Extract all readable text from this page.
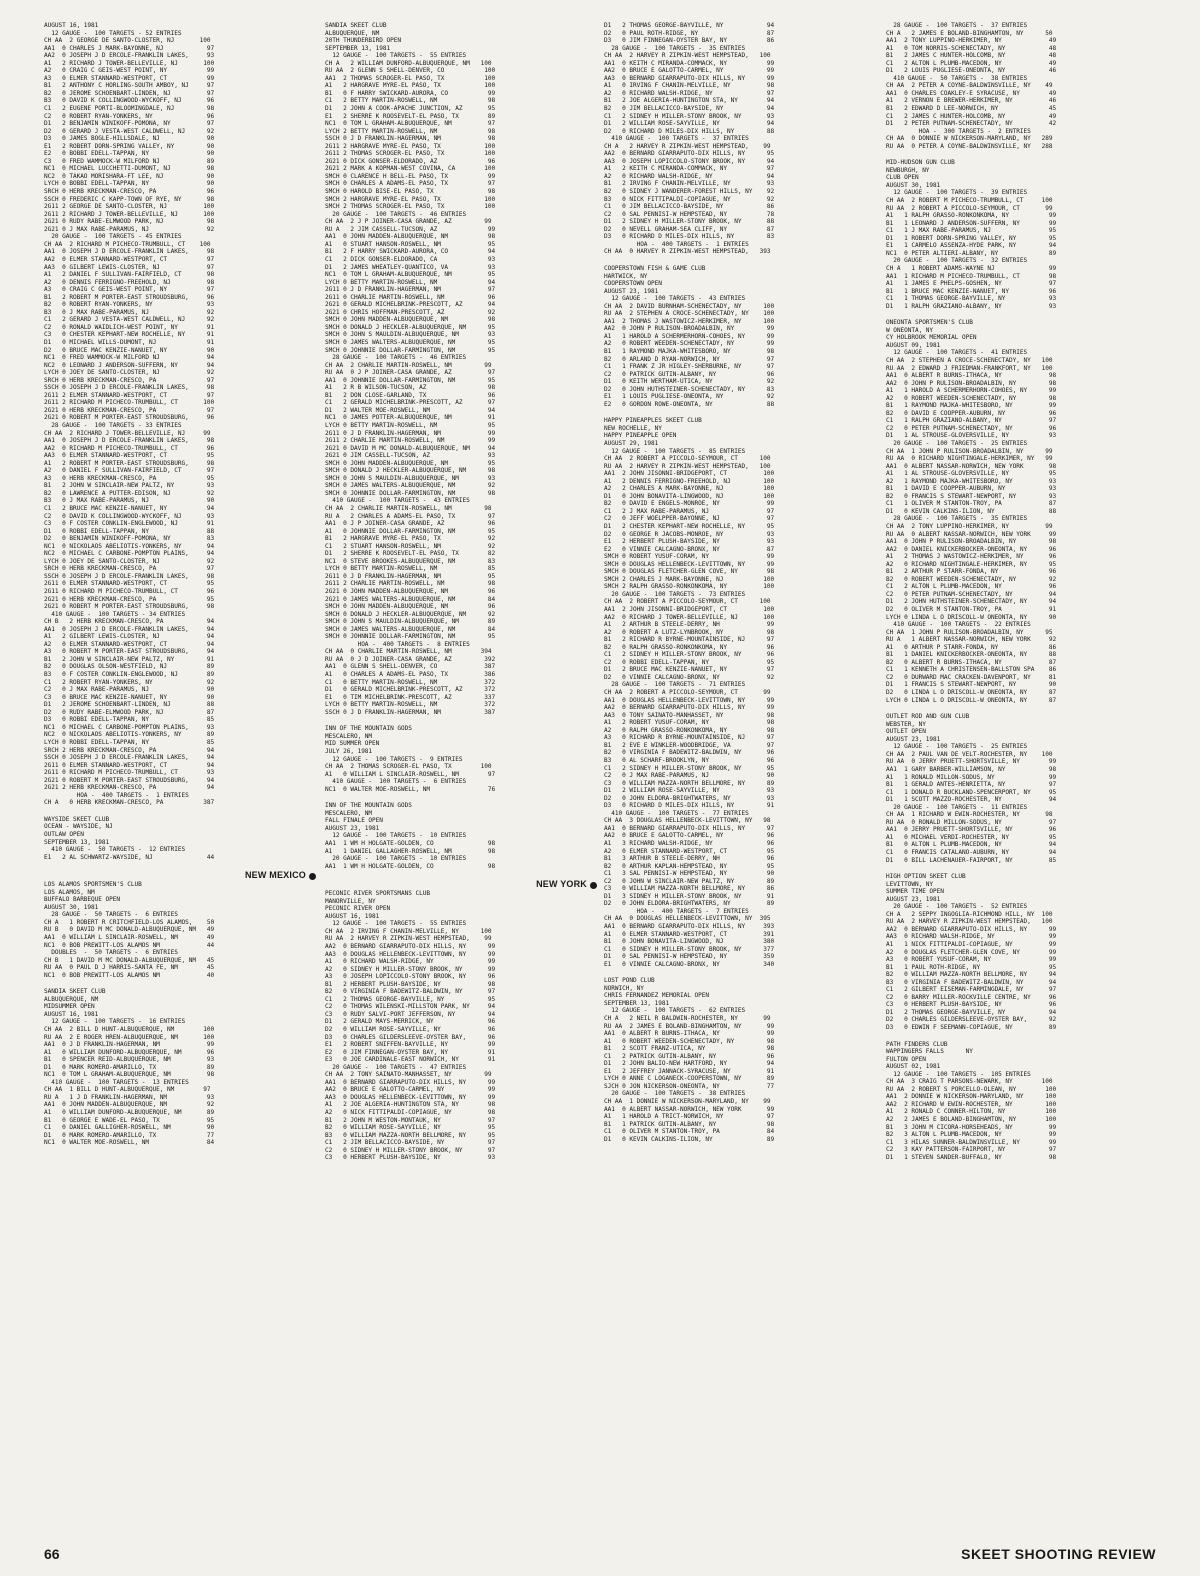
AUGUST 16, 1981
12 GAUGE -  100 TARGETS - 52 ENTRIES
CH AA  2 GEORGE DE SANTO-CLOSTER, NJ       100
AA1  0 CHARLES J MARK-BAYONNE, NJ            97
AA2  0 JOSEPH J D ERCOLE-FRANKLIN LAKES,     93
A1   2 RICHARD J TOWER-BELLEVILLE, NJ       100
A2   0 CRAIG C GEIS-WEST POINT, NY           99
A3   0 ELMER STANNARD-WESTPORT, CT           99
B1   2 ANTHONY C HORLING-SOUTH AMBOY, NJ     97
B2   0 JEROME SCHOENBART-LINDEN, NJ          97
B3   0 DAVID K COLLINGWOOD-WYCKOFF, NJ       96
C1   2 EUGENE PORTI-BLOOMINGDALE, NJ         98
C2   0 ROBERT RYAN-YONKERS, NY               96
D1   2 BENJAMIN WINIKOFF-POMONA, NY          97
D2   0 GERARD J VESTA-WEST CALDWELL, NJ      92
D3   0 JAMES BOGLE-HILLSDALE, NJ             90
E1   2 ROBERT DORN-SPRING VALLEY, NY         90
E2   0 BOBBI EDELL-TAPPAN, NY                90
C3   0 FRED WAMMOCK-W MILFORD NJ             89
NC1  0 MICHAEL LUCCHETTI-DUMONT, NJ          98
NC2  0 TAKAO MORISHARA-FT LEE, NJ            90
LYCH 0 BOBBI EDELL-TAPPAN, NY                90
SRCH 0 HERB KRECKMAN-CRESCO, PA              96
SSCH 0 FREDERIC C KAPP-TOWN OF RYE, NY       98
2G11 2 GEORGE DE SANTO-CLOSTER, NJ          100
2G11 2 RICHARD J TOWER-BELLEVILLE, NJ       100
2G21 0 RUDY RABE-ELMWOOD PARK, NJ            98
2G21 0 J MAX RABE-PARAMUS, NJ                92
20 GAUGE -  100 TARGETS - 45 ENTRIES
CH AA  2 RICHARD M PICHECO-TRUMBULL, CT    100
AA1  0 JOSEPH J D ERCOLE-FRANKLIN LAKES,     98
AA2  0 ELMER STANNARD-WESTPORT, CT           97
AA3  0 GILBERT LEWIS-CLOSTER, NJ             97
A1   2 DANIEL F SULLIVAN-FAIRFIELD, CT       98
A2   0 DENNIS FERRIGNO-FREEHOLD, NJ          98
A3   0 CRAIG C GEIS-WEST POINT, NY           97
B1   2 ROBERT M PORTER-EAST STROUDSBURG,     96
B2   0 ROBERT RYAN-YONKERS, NY               93
B3   0 J MAX RABE-PARAMUS, NJ                92
C1   2 GERARD J VESTA-WEST CALDWELL, NJ      92
C2   0 RONALD WAIDLICH-WEST POINT, NY        91
C3   0 CHESTER KEPHART-NEW ROCHELLE, NY      91
D1   0 MICHAEL WILLS-DUMONT, NJ              91
D2   0 BRUCE MAC KENZIE-NANUET, NY           90
NC1  0 FRED WAMMOCK-W MILFORD NJ             94
NC2  0 LEONARD J ANDERSON-SUFFERN, NY        94
LYCH 0 JOEY DE SANTO-CLOSTER, NJ             92
SRCH 0 HERB KRECKMAN-CRESCO, PA              97
SSCH 0 JOSEPH J D ERCOLE-FRANKLIN LAKES,     98
2G11 2 ELMER STANNARD-WESTPORT, CT           97
2G11 2 RICHARD M PICHECO-TRUMBULL, CT       100
2G21 0 HERB KRECKMAN-CRESCO, PA              97
2G21 0 ROBERT M PORTER-EAST STROUDSBURG,     96
28 GAUGE -  100 TARGETS - 33 ENTRIES
CH AA  2 RICHARD J TOWER-BELLEVILLE, NJ     99
AA1  0 JOSEPH J D ERCOLE-FRANKLIN LAKES,     98
AA2  0 RICHARD M PICHECO-TRUMBULL, CT        96
AA3  0 ELMER STANNARD-WESTPORT, CT           95
A1   2 ROBERT M PORTER-EAST STROUDSBURG,     98
A2   0 DANIEL F SULLIVAN-FAIRFIELD, CT       97
A3   0 HERB KRECKMAN-CRESCO, PA              95
B1   2 JOHN W SINCLAIR-NEW PALTZ, NY         93
B2   0 LAWRENCE A PUTTER-EDISON, NJ          92
B3   0 J MAX RABE-PARAMUS, NJ                90
C1   2 BRUCE MAC KENZIE-NANUET, NY           94
C2   0 DAVID K COLLINGWOOD-WYCKOFF, NJ       93
C3   0 F COSTER CONKLIN-ENGLEWOOD, NJ        91
D1   0 ROBBI EDELL-TAPPAN, NY                88
D2   0 BENJAMIN WINIKOFF-POMONA, NY          83
NC1  0 NICKOLAOS ABELIOTIS-YONKERS, NY       94
NC2  0 MICHAEL C CARBONE-POMPTON PLAINS,     94
LYCH 0 JOEY DE SANTO-CLOSTER, NJ             92
SRCH 0 HERB KRECKMAN-CRESCO, PA              97
SSCH 0 JOSEPH J D ERCOLE-FRANKLIN LAKES,     98
2G11 0 ELMER STANNARD-WESTPORT, CT           95
2G11 0 RICHARD M PICHECO-TRUMBULL, CT        96
2G21 0 HERB KRECKMAN-CRESCO, PA              95
2G21 0 ROBERT M PORTER-EAST STROUDSBURG,     98
410 GAUGE -  100 TARGETS - 34 ENTRIES
CH B   2 HERB KRECKMAN-CRESCO, PA            94
AA1  0 JOSEPH J D ERCOLE-FRANKLIN LAKES,     94
A1   2 GILBERT LEWIS-CLOSTER, NJ             94
A2   0 ELMER STANNARD-WESTPORT, CT           94
A3   0 ROBERT M PORTER-EAST STROUDSBURG,     94
B1   2 JOHN W SINCLAIR-NEW PALTZ, NY         91
B2   0 DOUGLAS OLSON-WESTFIELD, NJ           89
B3   0 F COSTER CONKLIN-ENGLEWOOD, NJ        89
C1   2 ROBERT RYAN-YONKERS, NY               92
C2   0 J MAX RABE-PARAMUS, NJ                90
C3   0 BRUCE MAC KENZIE-NANUET, NY           90
D1   2 JEROME SCHOENBART-LINDEN, NJ          88
D2   0 RUDY RABE-ELMWOOD PARK, NJ            87
D3   0 ROBBI EDELL-TAPPAN, NY                85
NC1  0 MICHAEL C CARBONE-POMPTON PLAINS,     93
NC2  0 NICKOLAOS ABELIOTIS-YONKERS, NY       89
LYCH 0 ROBBI EDELL-TAPPAN, NY                85
SRCH 2 HERB KRECKMAN-CRESCO, PA              94
SSCH 0 JOSEPH J D ERCOLE-FRANKLIN LAKES,     94
2G11 0 ELMER STANNARD-WESTPORT, CT           94
2G11 0 RICHARD M PICHECO-TRUMBULL, CT        93
2G21 0 ROBERT M PORTER-EAST STROUDSBURG,     94
2G21 2 HERB KRECKMAN-CRESCO, PA              94
HOA -  400 TARGETS -  1 ENTRIES
CH A   0 HERB KRECKMAN-CRESCO, PA           387
WAYSIDE SKEET CLUB
OCEAN - WAYSIDE, NJ
OUTLAW OPEN
SEPTEMBER 13, 1981
410 GAUGE -  50 TARGETS -  12 ENTRIES
E1   2 AL SCHWARTZ-WAYSIDE, NJ               44
NEW MEXICO
LOS ALAMOS SPORTSMEN'S CLUB
LOS ALAMOS, NM
BUFFALO BARBEQUE OPEN
AUGUST 30, 1981
28 GAUGE -  50 TARGETS -  6 ENTRIES
CH A   1 ROBERT R CRITCHFIELD-LOS ALAMOS,    50
RU B   0 DAVID M MC DONALD-ALBUQUERQUE, NM   49
AA1  0 WILLIAM L SINCLAIR-ROSWELL, NM        49
NC1  0 BOB PREWITT-LOS ALAMOS NM             44
DOUBLES  -  50 TARGETS -  6 ENTRIES
CH B   1 DAVID M MC DONALD-ALBUQUERQUE, NM   45
RU AA  0 PAUL D J HARRIS-SANTA FE, NM        45
NC1  0 BOB PREWITT-LOS ALAMOS NM             40
SANDIA SKEET CLUB
ALBUQUERQUE, NM
MIDSUMMER OPEN
AUGUST 16, 1981
12 GAUGE -  100 TARGETS -  16 ENTRIES
CH AA  2 BILL D HUNT-ALBUQUERQUE, NM        100
RU AA  2 E ROGER HREN-ALBUQUERQUE, NM       100
AA1  0 J D FRANKLIN-HAGERMAN, NM             99
A1   0 WILLIAM DUNFORD-ALBUQUERQUE, NM       96
B1   0 SPENCER REID-ALBUQUERQUE, NM          93
D1   0 MARK ROMERO-AMARILLO, TX              89
NC1  0 TOM L GRAHAM-ALBUQUERQUE, NM          98
410 GAUGE -  100 TARGETS -  13 ENTRIES
CH AA  1 BILL D HUNT-ALBUQUERQUE, NM        97
RU A   1 J D FRANKLIN-HAGERMAN, NM           93
AA1  0 JOHN MADDEN-ALBUQUERQUE, NM           92
A1   0 WILLIAM DUNFORD-ALBUQUERQUE, NM       89
B1   0 GEORGE E WADE-EL PASO, TX             95
C1   0 DANIEL GALLIGHER-ROSWELL, NM          90
D1   0 MARK ROMERO-AMARILLO, TX              77
NC1  0 WALTER MOE-ROSWELL, NM                84
SANDIA SKEET CLUB
ALBUQUERQUE, NM
20TH THUNDERBIRD OPEN
SEPTEMBER 13, 1981
12 GAUGE -  100 TARGETS -  55 ENTRIES
CH A   2 WILLIAM DUNFORD-ALBUQUERQUE, NM   100
RU AA  2 GLENN S SHELL-DENVER, CO           100
AA1  2 THOMAS SCROGER-EL PASO, TX           100
A1   2 HARGRAVE MYRE-EL PASO, TX            100
B1   0 F HARRY SWICKARD-AURORA, CO           99
C1   2 BETTY MARTIN-ROSWELL, NM              98
D1   2 JOHN A COOK-APACHE JUNCTION, AZ       95
E1   2 SHERRE K ROOSEVELT-EL PASO, TX        89
NC1  0 TOM L GRAHAM-ALBUQUERQUE, NM          97
LYCH 2 BETTY MARTIN-ROSWELL, NM              98
SSCH 0 J D FRANKLIN-HAGERMAN, NM             98
2G11 2 HARGRAVE MYRE-EL PASO, TX            100
2G11 2 THOMAS SCROGER-EL PASO, TX           100
2G21 0 DICK GONSER-ELDORADO, AZ              96
2G21 2 MARK A KOPMAN-WEST COVINA, CA        100
SMCH 0 CLARENCE H BELL-EL PASO, TX           99
SMCH 0 CHARLES A ADAMS-EL PASO, TX           97
SMCH 0 HAROLD BISE-EL PASO, TX               98
SMCH 2 HARGRAVE MYRE-EL PASO, TX            100
SMCH 2 THOMAS SCROGER-EL PASO, TX           100
20 GAUGE -  100 TARGETS -  46 ENTRIES
CH AA  2 J P JOINER-CASA GRANDE, AZ         99
RU A   2 JIM CASSELL-TUCSON, AZ              99
AA1  0 JOHN MADDEN-ALBUQUERQUE, NM           98
A1   0 STUART HANSON-ROSWELL, NM             95
B1   2 F HARRY SWICKARD-AURORA, CO           94
C1   2 DICK GONSER-ELDORADO, CA              93
D1   2 JAMES WHEATLEY-QUANTICO, VA           93
NC1  0 TOM L GRAHAM-ALBUQUERQUE, NM          95
LYCH 0 BETTY MARTIN-ROSWELL, NM              94
2G11 0 J D FRANKLIN-HAGERMAN, NM             97
2G11 0 CHARLIE MARTIN-ROSWELL, NM            96
2G21 0 GERALD MICHELBRINK-PRESCOTT, AZ       94
2G21 0 CHRIS HOFFMAN-PRESCOTT, AZ            92
SMCH 0 JOHN MADDEN-ALBUQUERQUE, NM           98
SMCH 0 DONALD J HECKLER-ALBUQUERQUE, NM      95
SMCH 0 JOHN S MAULDIN-ALBUQUERQUE, NM        93
SMCH 0 JAMES WALTERS-ALBUQUERQUE, NM         95
SMCH 0 JOHNNIE DOLLAR-FARMINGTON, NM         95
28 GAUGE -  100 TARGETS -  46 ENTRIES
CH AA  2 CHARLIE MARTIN-ROSWELL, NM         99
RU AA  0 J P JOINER-CASA GRANDE, AZ          97
AA1  0 JOHNNIE DOLLAR-FARMINGTON, NM         95
A1   2 R B WILSON-TUCSON, AZ                 98
B1   2 DON CLOSE-GARLAND, TX                 96
C1   2 GERALD MICHELBRINK-PRESCOTT, AZ       97
D1   2 WALTER MOE-ROSWELL, NM                94
NC1  0 JAMES POTTER-ALBUQUERQUE, NM          91
LYCH 0 BETTY MARTIN-ROSWELL, NM              95
2G11 0 J D FRANKLIN-HAGERMAN, NM             99
2G11 2 CHARLIE MARTIN-ROSWELL, NM            99
2G21 0 DAVID M MC DONALD-ALBUQUERQUE, NM     94
2G21 0 JIM CASSELL-TUCSON, AZ                93
SMCH 0 JOHN MADDEN-ALBUQUERQUE, NM           95
SMCH 0 DONALD J HECKLER-ALBUQUERQUE, NM      98
SMCH 0 JOHN S MAULDIN-ALBUQUERQUE, NM        93
SMCH 0 JAMES WALTERS-ALBUQUERQUE, NM         92
SMCH 0 JOHNNIE DOLLAR-FARMINGTON, NM         98
410 GAUGE -  100 TARGETS -  43 ENTRIES
CH AA  2 CHARLIE MARTIN-ROSWELL, NM         98
RU A   2 CHARLES A ADAMS-EL PASO, TX         97
AA1  0 J P JOINER-CASA GRANDE, AZ            96
A1   0 JOHNNIE DOLLAR-FARMINGTON, NM         95
B1   2 HARGRAVE MYRE-EL PASO, TX             92
C1   2 STUART HANSON-ROSWELL, NM             92
D1   2 SHERRE K ROOSEVELT-EL PASO, TX        82
NC1  0 STEVE BROOKES-ALBUQUERQUE, NM         83
LYCH 0 BETTY MARTIN-ROSWELL, NM              85
2G11 0 J D FRANKLIN-HAGERMAN, NM             95
2G11 2 CHARLIE MARTIN-ROSWELL, NM            98
2G21 0 JOHN MADDEN-ALBUQUERQUE, NM           96
2G21 0 JAMES WALTERS-ALBUQUERQUE, NM         84
SMCH 0 JOHN MADDEN-ALBUQUERQUE, NM           96
SMCH 0 DONALD J HECKLER-ALBUQUERQUE, NM      92
SMCH 0 JOHN S MAULDIN-ALBUQUERQUE, NM        89
SMCH 0 JAMES WALTERS-ALBUQUERQUE, NM         84
SMCH 0 JOHNNIE DOLLAR-FARMINGTON, NM         95
HOA -  400 TARGETS -  8 ENTRIES
CH AA  0 CHARLIE MARTIN-ROSWELL, NM        394
RU AA  0 J D JOINER-CASA GRANDE, AZ         392
AA1  0 GLENN S SHELL-DENVER, CO             387
A1   0 CHARLES A ADAMS-EL PASO, TX          386
C1   0 BETTY MARTIN-ROSWELL, NM             372
D1   0 GERALD MICHELBRINK-PRESCOTT, AZ      372
E1   0 TIM MICHELBRINK-PRESCOTT, AZ         337
LYCH 0 BETTY MARTIN-ROSWELL, NM             372
SSCH 0 J D FRANKLIN-HAGERMAN, NM            387
INN OF THE MOUNTAIN GODS
MESCALERO, NM
MID SUMMER OPEN
JULY 26, 1981
12 GAUGE -  100 TARGETS -  9 ENTRIES
CH AA  2 THOMAS SCROGER-EL PASO, TX        100
A1   0 WILLIAM L SINCLAIR-ROSWELL, NM        97
410 GAUGE -  100 TARGETS -  6 ENTRIES
NC1  0 WALTER MOE-ROSWELL, NM                76
INN OF THE MOUNTAIN GODS
MESCALERO, NM
FALL FINALE OPEN
AUGUST 23, 1981
12 GAUGE -  100 TARGETS -  10 ENTRIES
AA1  1 WM H HOLGATE-GOLDEN, CO               98
A1   1 DANIEL GALLAGHER-ROSWELL, NM          98
20 GAUGE -  100 TARGETS -  10 ENTRIES
AA1  1 WM H HOLGATE-GOLDEN, CO               98
NEW YORK
PECONIC RIVER SPORTSMANS CLUB
MANORVILLE, NY
PECONIC RIVER OPEN
AUGUST 16, 1981
12 GAUGE -  100 TARGETS -  55 ENTRIES
CH AA  2 IRVING F CHANIN-MELVILLE, NY      100
RU AA  2 HARVEY R ZIPKIN-WEST HEMPSTEAD,    99
AA2  0 BERNARD GIARRAPUTO-DIX HILLS, NY      99
AA3  0 DOUGLAS HELLENBECK-LEVITTOWN, NY      99
A1   0 RICHARD WALSH-RIDGE, NY               99
A2   0 SIDNEY H MILLER-STONY BROOK, NY       99
A3   0 JOSEPH LOPICCOLO-STONY BROOK, NY      96
B1   2 HERBERT PLUSH-BAYSIDE, NY             98
B2   0 VIRGINIA F BADEWITZ-BALDWIN, NY       97
C1   2 THOMAS GEORGE-BAYVILLE, NY            95
C2   0 THOMAS WILENSKI-MILLSTON PARK, NY     94
C3   0 RUDY SALVI-PORT JEFFERSON, NY         94
D1   2 GERALD MAYS-MERRICK, NY               96
D2   0 WILLIAM ROSE-SAYVILLE, NY             96
D3   0 CHARLES GILDERSLEEVE-OYSTER BAY,      96
E1   2 ROBERT SNIFFEN-BAYVILLE, NY           99
E2   0 JIM FINNEGAN-OYSTER BAY, NY           91
E3   0 JOE CARDINALE-EAST NORWICH, NY        91
20 GAUGE -  100 TARGETS -  47 ENTRIES
CH AA  2 TONY SAINATO-MANHASSET, NY         99
AA1  0 BERNARD GIARRAPUTO-DIX HILLS, NY      99
AA2  0 BRUCE E GALOTTO-CARMEL, NY            99
AA3  0 DOUGLAS HELLENBECK-LEVITTOWN, NY      99
A1   2 JOE ALGERIA-HUNTINGTON STA, NY        98
A2   0 NICK FITTIPALDI-COPIAGUE, NY          98
B1   2 JOHN M WESTON-MONTAUK, NY             97
B2   0 WILLIAM ROSE-SAYVILLE, NY             95
B3   0 WILLIAM MAZZA-NORTH BELLMORE, NY      95
C1   2 JIM BELLACICCO-BAYSIDE, NY            97
C2   0 SIDNEY H MILLER-STONY BROOK, NY       97
C3   0 HERBERT PLUSH-BAYSIDE, NY             93
D1   2 THOMAS GEORGE-BAYVILLE, NY            94
D2   0 PAUL ROTH-RIDGE, NY                   87
D3   0 JIM FINNEGAN-OYSTER BAY, NY           86
28 GAUGE -  100 TARGETS -  35 ENTRIES
CH AA  2 HARVEY R ZIPKIN-WEST HEMPSTEAD,   100
AA1  0 KEITH C MIRANDA-COMMACK, NY           99
AA2  0 BRUCE E GALOTTO-CARMEL, NY            99
AA3  0 BERNARD GIARRAPUTO-DIX HILLS, NY      99
A1   0 IRVING F CHANIN-MELVILLE, NY          98
A2   0 RICHARD WALSH-RIDGE, NY               97
B1   2 JOE ALGERIA-HUNTINGTON STA, NY        94
B2   0 JIM BELLACICCO-BAYSIDE, NY            94
C1   2 SIDNEY H MILLER-STONY BROOK, NY       93
D1   2 WILLIAM ROSE-SAYVILLE, NY             94
D2   0 RICHARD D MILES-DIX HILLS, NY         88
410 GAUGE -  100 TARGETS -  37 ENTRIES
CH A   2 HARVEY R ZIPKIN-WEST HEMPSTEAD,    99
AA2  0 BERNARD GIARRAPUTO-DIX HILLS, NY      95
AA3  0 JOSEPH LOPICCOLO-STONY BROOK, NY      94
A1   2 KEITH C MIRANDA-COMMACK, NY           97
A2   0 RICHARD WALSH-RIDGE, NY               94
B1   2 IRVING F CHANIN-MELVILLE, NY          93
B2   0 SIDNEY J WANDERER-FOREST HILLS, NY    92
B3   0 NICK FITTIPALDI-COPIAGUE, NY          92
C1   0 JIM BELLACICCO-BAYSIDE, NY            86
C2   0 SAL PENNISI-W HEMPSTEAD, NY           78
D1   2 SIDNEY H MILLER-STONY BROOK, NY       88
D2   0 NEVELL GRAHAM-SEA CLIFF, NY           87
D3   0 RICHARD D MILES-DIX HILLS, NY         83
HOA -  400 TARGETS -  1 ENTRIES
CH AA  0 HARVEY R ZIPKIN-WEST HEMPSTEAD,   393
COOPERSTOWN FISH & GAME CLUB
HARTWICK, NY
COOPERSTOWN OPEN
AUGUST 23, 1981
12 GAUGE -  100 TARGETS -  43 ENTRIES
CH AA  2 DAVID BURNHAM-SCHENECTADY, NY      100
RU AA  2 STEPHEN A CROCE-SCHENECTADY, NY    100
AA1  2 THOMAS J WASTOWICZ-HERKIMER, NY      100
AA2  0 JOHN P RULISON-BROADALBIN, NY         99
A1   1 HAROLD A SCHERMERHORN-COHOES, NY      99
A2   0 ROBERT WEEDEN-SCHENECTADY, NY         99
B1   1 RAYMOND MAJKA-WHITESBORO, NY          98
B2   0 ARLAND D RYAN-NORWICH, NY             97
C1   1 FRANK Z JR HIGLEY-SHERBURNE, NY       97
C2   0 PATRICK GUTIN-ALBANY, NY              96
D1   0 KEITH WERTHAM-UTICA, NY               92
D2   0 JOHN HUTHSTEINER-SCHENECTADY, NY      83
E1   1 LOUIS PUGLIESE-ONEONTA, NY            92
E2   0 GORDON ROWE-ONEONTA, NY               88
HAPPY PINEAPPLES SKEET CLUB
NEW ROCHELLE, NY
HAPPY PINEAPPLE OPEN
AUGUST 29, 1981
12 GAUGE -  100 TARGETS -  85 ENTRIES
CH AA  2 ROBERT A PICCOLO-SEYMOUR, CT      100
RU AA  2 HARVEY R ZIPKIN-WEST HEMPSTEAD,   100
AA1  2 JOHN JISONNI-BRIDGEPORT, CT          100
A1   2 DENNIS FERRIGNO-FREEHOLD, NJ         100
A2   2 CHARLES A MARK-BAYONNE, NJ           100
D1   0 JOHN BONAVITA-LINGWOOD, NJ           100
B2   0 DAVID E ENGELS-MONROE, NY             99
C1   2 J MAX RABE-PARAMUS, NJ                97
C2   0 JEFF WOELPPER-BAYONNE, NJ             97
D1   2 CHESTER KEPHART-NEW ROCHELLE, NY      95
D2   0 GEORGE R JACOBS-MONROE, NY            93
E1   2 HERBERT PLUSH-BAYSIDE, NY             93
E2   0 VINNIE CALCAGNO-BRONX, NY             87
SMCH 0 ROBERT YUSUF-CORAM, NY                99
SMCH 0 DOUGLAS HELLENBECK-LEVITTOWN, NY      99
SMCH 0 DOUGLAS FLETCHER-GLEN COVE, NY        98
SMCH 2 CHARLES J MARK-BAYONNE, NJ           100
SMCH 2 RALPH GRASSO-RONKONKOMA, NY          100
20 GAUGE -  100 TARGETS -  73 ENTRIES
CH AA  2 ROBERT A PICCOLO-SEYMOUR, CT      100
AA1  2 JOHN JISONNI-BRIDGEPORT, CT          100
AA2  0 RICHARD J TOWER-BELLEVILLE, NJ       100
A1   2 ARTHUR B STEELE-DERRY, NH             99
A2   0 ROBERT A LUTZ-LYNBROOK, NY            98
B1   2 RICHARD R BYRNE-MOUNTAINSIDE, NJ      97
B2   0 RALPH GRASSO-RONKONKOMA, NY           96
C1   2 SIDNEY H MILLER-STONY BROOK, NY       96
C2   0 ROBBI EDELL-TAPPAN, NY                95
D1   2 BRUCE MAC KENZIE-NANUET, NY           97
D2   0 VINNIE CALCAGNO-BRONX, NY             92
28 GAUGE -  100 TARGETS -  71 ENTRIES
CH AA  2 ROBERT A PICCOLO-SEYMOUR, CT       99
AA1  0 DOUGLAS HELLENBECK-LEVITTOWN, NY      99
AA2  0 BERNARD GIARRAPUTO-DIX HILLS, NY      99
AA3  0 TONY SAINATO-MANHASSET, NY            98
A1   2 ROBERT YUSUF-CORAM, NY                98
A2   0 RALPH GRASSO-RONKONKOMA, NY           98
A3   0 RICHARD R BYRNE-MOUNTAINSIDE, NJ      97
B1   2 EVE E WINKLER-WOODBRIDGE, VA          97
B2   0 VIRGINIA F BADEWITZ-BALDWIN, NY       96
B3   0 AL SCHARF-BROOKLYN, NY                96
C1   2 SIDNEY H MILLER-STONY BROOK, NY       95
C2   0 J MAX RABE-PARAMUS, NJ                90
C3   0 WILLIAM MAZZA-NORTH BELLMORE, NY      89
D1   2 WILLIAM ROSE-SAYVILLE, NY             93
D2   0 JOHN ELDORA-BRIGHTWATERS, NY          93
D3   0 RICHARD D MILES-DIX HILLS, NY         91
410 GAUGE -  100 TARGETS -  77 ENTRIES
CH AA  3 DOUGLAS HELLENBECK-LEVITTOWN, NY   98
AA1  0 BERNARD GIARRAPUTO-DIX HILLS, NY      97
AA2  0 BRUCE E GALOTTO-CARMEL, NY            96
A1   3 RICHARD WALSH-RIDGE, NY               96
A2   0 ELMER STANNARD-WESTPORT, CT           95
B1   3 ARTHUR B STEELE-DERRY, NH             96
B2   0 ARTHUR KAPLAN-HEMPSTEAD, NY           95
C1   3 SAL PENNISI-W HEMPSTEAD, NY           90
C2   0 JOHN W SINCLAIR-NEW PALTZ, NY         89
C3   0 WILLIAM MAZZA-NORTH BELLMORE, NY      86
D1   3 SIDNEY H MILLER-STONY BROOK, NY       91
D2   0 JOHN ELDORA-BRIGHTWATERS, NY          89
HOA -  400 TARGETS -  7 ENTRIES
CH AA  0 DOUGLAS HELLENBECK-LEVITTOWN, NY  395
AA1  0 BERNARD GIARRAPUTO-DIX HILLS, NY     393
A1   0 ELMER STANNARD-WESTPORT, CT          391
B1   0 JOHN BONAVITA-LINGWOOD, NJ           380
C1   0 SIDNEY H MILLER-STONY BROOK, NY      377
D1   0 SAL PENNISI-W HEMPSTEAD, NY          359
E1   0 VINNIE CALCAGNO-BRONX, NY            340
LOST POND CLUB
NORWICH, NY
CHRIS FERNANDEZ MEMORIAL OPEN
SEPTEMBER 13, 1981
12 GAUGE -  100 TARGETS -  62 ENTRIES
CH A   2 NEIL R BALDWIN-ROCHESTER, NY       99
RU AA  2 JAMES E BOLAND-BINGHAMTON, NY       99
AA1  0 ALBERT R BURNS-ITHACA, NY             99
A1   0 ROBERT WEEDEN-SCHENECTADY, NY         98
B1   2 SCOTT FRANZ-UTICA, NY                 98
C1   2 PATRICK GUTIN-ALBANY, NY              96
D1   2 JOHN BALIO-NEW HARTFORD, NY           94
E1   2 JEFFREY JANNACK-SYRACUSE, NY          91
LYCH 0 ANNE C LOGANECK-COOPERSTOWN, NY       89
SJCH 0 JON NICKERSON-ONEONTA, NY             77
20 GAUGE -  100 TARGETS -  38 ENTRIES
CH AA  1 DONNIE W NICKERSON-MARYLAND, NY    99
AA1  0 ALBERT NASSAR-NORWICH, NEW YORK       99
A1   1 HAROLD A TRICT-NORWICH, NY            97
B1   1 PATRICK GUTIN-ALBANY, NY              98
C1   0 OLIVER M STANTON-TROY, PA             84
D1   0 KEVIN CALKINS-ILION, NY               89
28 GAUGE -  100 TARGETS -  37 ENTRIES
CH A   2 JAMES E BOLAND-BINGHAMTON, NY      50
AA1  2 TONY LUPPINO-HERKIMER, NY             49
A1   0 TOM NORRIS-SCHENECTADY, NY            48
B1   2 JAMES C HUNTER-HOLCOMB, NY            48
C1   2 ALTON L PLUMB-MACEDON, NY             49
D1   2 LOUIS PUGLIESE-ONEONTA, NY            46
410 GAUGE -  50 TARGETS -  38 ENTRIES
CH AA  2 PETER A COYNE-BALDWINSVILLE, NY    49
AA1  0 CHARLES COAKLEY-E SYRACUSE, NY        49
A1   2 VERNON E BREWER-HERKIMER, NY          46
B1   2 EDWARD D LEE-NORWICH, NY              45
C1   2 JAMES C HUNTER-HOLCOMB, NY            49
D1   2 PETER PUTNAM-SCHENECTADY, NY          42
HOA -  300 TARGETS -  2 ENTRIES
CH AA  0 DONNIE W NICKERSON-MARYLAND, NY   289
RU AA  0 PETER A COYNE-BALDWINSVILLE, NY   288
MID-HUDSON GUN CLUB
NEWBURGH, NY
CLUB OPEN
AUGUST 30, 1981
12 GAUGE -  100 TARGETS -  39 ENTRIES
CH AA  2 ROBERT M PICHECO-TRUMBULL, CT     100
RU AA  2 ROBERT A PICCOLO-SEYMOUR, CT       99
A1   1 RALPH GRASSO-RONKONKOMA, NY           99
B1   1 LEONARD J ANDERSON-SUFFERN, NY        99
C1   1 J MAX RABE-PARAMUS, NJ                95
D1   1 ROBERT DORN-SPRING VALLEY, NY         95
E1   1 CARMELO ASSENZA-HYDE PARK, NY         94
NC1  0 PETER ALTIERI-ALBANY, NY              89
20 GAUGE -  100 TARGETS -  32 ENTRIES
CH A   1 ROBERT ADAMS-WAYNE NJ               99
AA1  1 RICHARD M PICHECO-TRUMBULL, CT        98
A1   1 JAMES E PHELPS-GOSHEN, NY             97
B1   1 BRUCE MAC KENZIE-NANUET, NY           96
C1   1 THOMAS GEORGE-BAYVILLE, NY            93
D1   1 RALPH GRAZIANO-ALBANY, NY             93
ONEONTA SPORTSMEN'S CLUB
W ONEONTA, NY
CY HOLBROOK MEMORIAL OPEN
AUGUST 09, 1981
12 GAUGE -  100 TARGETS -  41 ENTRIES
CH AA  2 STEPHEN A CROCE-SCHENECTADY, NY   100
RU AA  2 EDWARD J FRIEDMAN-FRANKFORT, NY   100
AA1  0 ALBERT R BURNS-ITHACA, NY             98
AA2  0 JOHN P RULISON-BROADALBIN, NY         98
A1   1 HAROLD A SCHERMERHORN-COHOES, NY      99
A2   0 ROBERT WEEDEN-SCHENECTADY, NY         98
B1   1 RAYMOND MAJKA-WHITESBORO, NY          99
B2   0 DAVID E COOPPER-AUBURN, NY            96
C1   1 RALPH GRAZIANO-ALBANY, NY             97
C2   0 PETER PUTNAM-SCHENECTADY, NY          96
D1   1 AL STROUSE-GLOVERSVILLE, NY           93
20 GAUGE -  100 TARGETS -  25 ENTRIES
CH AA  1 JOHN P RULISON-BROADALBIN, NY      99
RU AA  0 RICHARD NIGHTINGALE-HERKIMER, NY   99
AA1  0 ALBERT NASSAR-NORWICH, NEW YORK       98
A1   1 AL STROUSE-GLOVERSVILLE, NY           95
A2   1 RAYMOND MAJKA-WHITESBORO, NY          93
B1   1 DAVID E COOPPER-AUBURN, NY            93
B2   0 FRANCIS S STEWART-NEWPORT, NY         93
C1   1 OLIVER M STANTON-TROY, PA             87
D1   0 KEVIN CALKINS-ILION, NY               88
28 GAUGE -  100 TARGETS -  35 ENTRIES
CH AA  2 TONY LUPPINO-HERKIMER, NY          99
RU AA  0 ALBERT NASSAR-NORWICH, NEW YORK     99
AA1  0 JOHN P RULISON-BROADALBIN, NY         98
AA2  0 DANIEL KNICKERBOCKER-ONEONTA, NY      96
A1   2 THOMAS J WASTOWICZ-HERKIMER, NY       96
A2   0 RICHARD NIGHTINGALE-HERKIMER, NY      95
B1   2 ARTHUR P STARR-FONDA, NY              96
B2   0 ROBERT WEEDEN-SCHENECTADY, NY         92
C1   2 ALTON L PLUMB-MACEDON, NY             96
C2   0 PETER PUTNAM-SCHENECTADY, NY          94
D1   2 JOHN HUTHSTEINER-SCHENECTADY, NY      94
D2   0 OLIVER M STANTON-TROY, PA             91
LYCH 0 LINDA L O DRISCOLL-W ONEONTA, NY      90
410 GAUGE -  100 TARGETS -  22 ENTRIES
CH AA  1 JOHN P RULISON-BROADALBIN, NY      95
RU A   1 ALBERT NASSAR-NORWICH, NEW YORK     92
A1   0 ARTHUR P STARR-FONDA, NY              86
B1   1 DANIEL KNICKERBOCKER-ONEONTA, NY      88
B2   0 ALBERT R BURNS-ITHACA, NY             87
C1   1 KENNETH A CHRISTENSEN-BALLSTON SPA    86
C2   0 DURWARD MAC CRACKEN-DAVENPORT, NY     81
D1   1 FRANCIS S STEWART-NEWPORT, NY         90
D2   0 LINDA L O DRISCOLL-W ONEONTA, NY      87
LYCH 0 LINDA L O DRISCOLL-W ONEONTA, NY      87
OUTLET ROD AND GUN CLUB
WEBSTER, NY
OUTLET OPEN
AUGUST 23, 1981
12 GAUGE -  100 TARGETS -  25 ENTRIES
CH AA  2 PAUL VAN DE VELT-ROCHESTER, NY    100
RU AA  0 JERRY PRUETT-SHORTSVILLE, NY        99
AA1  1 GARY BARBER-WILLIAMSON, NY            98
A1   1 RONALD MILLON-SODUS, NY               99
B1   1 GERALD ANTES-HENRIETTA, NY            97
C1   1 DONALD R BUCKLAND-SPENCERPORT, NY     95
D1   1 SCOTT MAZZO-ROCHESTER, NY             94
20 GAUGE -  100 TARGETS -  11 ENTRIES
CH AA  1 RICHARD W EWIN-ROCHESTER, NY       98
RU AA  0 RONALD MILLON-SODUS, NY             97
AA1  0 JERRY PRUETT-SHORTSVILLE, NY          96
A1   0 MICHAEL VERDI-ROCHESTER, NY           95
B1   0 ALTON L PLUMB-MACEDON, NY             94
C1   0 FRANCIS CATALANO-AUBURN, NY           94
D1   0 BILL LACHENAUER-FAIRPORT, NY          85
HIGH OPTION SKEET CLUB
LEVITTOWN, NY
SUMMER TIME OPEN
AUGUST 23, 1981
20 GAUGE -  100 TARGETS -  52 ENTRIES
CH A   2 SEPPY INGOGLIA-RICHMOND HILL, NY  100
RU AA  2 HARVEY R ZIPKIN-WEST HEMPSTEAD,   100
AA2  0 BERNARD GIARRAPUTO-DIX HILLS, NY      99
AA3  0 RICHARD WALSH-RIDGE, NY               99
A1   1 NICK FITTIPALDI-COPIAGUE, NY          99
A2   0 DOUGLAS FLETCHER-GLEN COVE, NY        99
A3   0 ROBERT YUSUF-CORAM, NY                99
B1   1 PAUL ROTH-RIDGE, NY                   95
B2   0 WILLIAM MAZZA-NORTH BELLMORE, NY      94
B3   0 VIRGINIA F BADEWITZ-BALDWIN, NY       94
C1   2 GILBERT EISEMAN-FARMINGDALE, NY       97
C2   0 BARRY MILLER-ROCKVILLE CENTRE, NY     96
C3   0 HERBERT PLUSH-BAYSIDE, NY             96
D1   2 THOMAS GEORGE-BAYVILLE, NY            94
D2   0 CHARLES GILDERSLEEVE-OYSTER BAY,      92
D3   0 EDWIN F SEEMANN-COPIAGUE, NY          89
PATH FINDERS CLUB
WAPPINGERS FALLS      NY
FULTON OPEN
AUGUST 02, 1981
12 GAUGE -  100 TARGETS -  105 ENTRIES
CH AA  3 CRAIG T PARSONS-NEWARK, NY        100
RU AA  2 ROBERT S PORCELLO-OLEAN, NY        100
AA1  2 DONNIE W NICKERSON-MARYLAND, NY      100
AA2  2 RICHARD W EWIN-ROCHESTER, NY         100
A1   2 RONALD C CONNER-HILTON, NY           100
A2   2 JAMES E BOLAND-BINGHAMTON, NY        100
B1   3 JOHN M CICORA-HORSEHEADS, NY          99
B2   3 ALTON L PLUMB-MACEDON, NY             99
C1   3 HILAS SUNNER-BALDWINSVILLE, NY        99
C2   3 KAY PATTERSON-FAIRPORT, NY            97
D1   1 STEVEN SANDER-BUFFALO, NY             98
66	SKEET SHOOTING REVIEW
